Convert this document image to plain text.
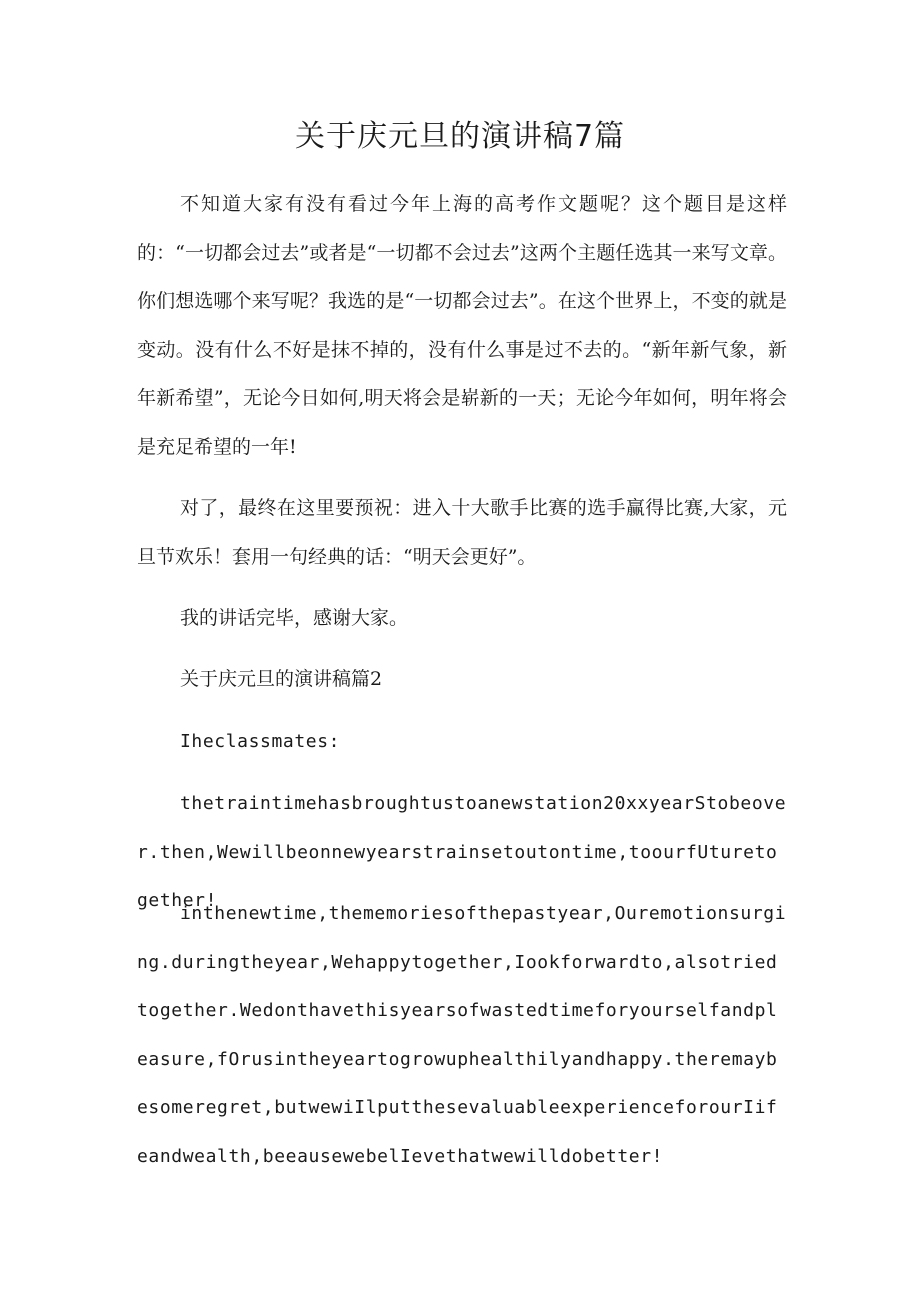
关于庆元旦的演讲稿7篇

不知道大家有没有看过今年上海的高考作文题呢？这个题目是这样的：“一切都会过去”或者是“一切都不会过去”这两个主题任选其一来写文章。你们想选哪个来写呢？我选的是“一切都会过去”。在这个世界上，不变的就是变动。没有什么不好是抹不掉的，没有什么事是过不去的。“新年新气象，新年新希望”，无论今日如何,明天将会是崭新的一天；无论今年如何，明年将会是充足希望的一年!

对了，最终在这里要预祝：进入十大歌手比赛的选手赢得比赛,大家，元旦节欢乐！套用一句经典的话：“明天会更好”。

我的讲话完毕，感谢大家。

关于庆元旦的演讲稿篇2

Iheclassmates:

thetraintimehasbroughtustoanewstation20xxyearStobeover.then,Wewillbeonnewyearstrainsetoutontime,toourfUturetogether!

inthenewtime,thememoriesofthepastyear,Ouremotionsurging.duringtheyear,Wehappytogether,Iookforwardto,alsotriedtogether.Wedonthavethisyearsofwastedtimeforyourselfandpleasure,fOrusintheyeartogrowuphealthilyandhappy.theremaybesomeregret,butwewiIlputthesevaluableexperienceforourIifeandwealth,beeausewebelIevethatwewilldobetter!
